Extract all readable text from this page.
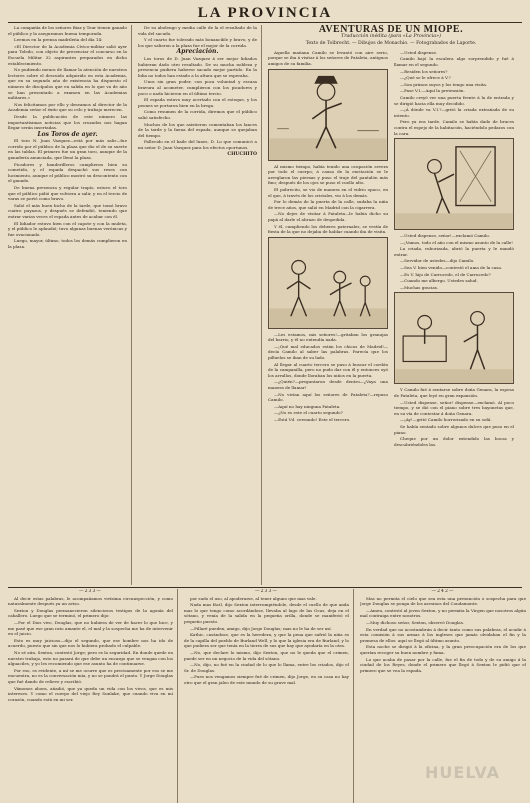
LA PROVINCIA

La compañía de los señores Biaz y Tour tienen ganado el público y la aseguramos buena temporada.

Leemos en la prensa madrileña del día 14:

«El Director de la Academia Cívico-militar salió ayer para Toledo, con objeto de presenciar el concurso en la Escuela Militar 32 aspirantes preparados en dicho establecimiento.

No pudiendo menos de llamar la atención de nuestros lectores sobre el descuido adquirido en esta Academia, que en su segundo año de existencia ha dispuesto el número de discípulos que en salida en lo que va de año se han presentado a examen en las Academias militares.»

Nos felicitamos por ello y deseamos al director de la Academia señor el éxito que su celo y trabajo merecen.

Desde la publicación de este número las importantísimas noticias que los cruzados nos hagan llegar serán insertadas.

Los Toros de ayer.

El toro N. Juan Vazquez—está por más salir—fue corrido por el público de la plaza que dio el de su suerte en las tablas. El primero fue un gran toro, aunque de la ganadería anunciada, que llenó la plaza.

Picadores y banderilleros cumplieron bien su cometido, y el espada despachó sus reses con lucimiento, aunque el público mostró su descontento con el ganado.

De buena presencia y regular trapío, estuvo el toro que el público pidió que volviera a salir, y en el tercio de varas se portó como bravo.

Salió el más buen bicho de la tarde, que tomó bravo cuatro puyazos, y después se defendió, teniendo que entrar varias veces el espada antes de acabar con él.

El lidiador estuvo bien con el capote y con la muleta, y el público le aplaudió; tuvo algunas buenas verónicas y fue ovacionado.

Luego, mayor, último, todos los demás cumplieron en la plaza.

De su abolengo y media calle de la el resultado de la vida del sacudo.

Y el cuarto fue tolerado más bonancible y bravo, y de los que salieron a la plaza fue el mejor de la corrida.

Apreciación.

Los toros de D. Juan Vazquez á ser mejor lidiados hubieran dado otro resultado. De su mucha nobleza y presencia pudiera haberse sacado mejor partido. En la lidia no todos han estado a la altura que se esperaba.

Unos sin gran poder, con poca voluntad y escasa bravura al acometer, cumplieron con los picadores y poco o nada hicieron en el último tercio.

El espada estuvo muy acertado con el estoque, y los peones se portaron bien en la brega.

Como resumen de la corrida, diremos que el público salió satisfecho.

Muchos de los que asistieron comentaban los lances de la tarde y la faena del espada, aunque se quejaban del tiempo.

Fallecido en el baile del lunes, D. Lo que comunicó a mi señor D. Juan Vazquez para los efectos oportunos.

CHUCHITO
AVENTURAS DE UN MÍOPE.
Traducción inédita (para «La Provincia»)
Texto de Tolbrecht. — Dibujos de Monachio. — Fotograbados de Laporte.

Aquella mañana Camilo se levantó con aire serio, porque se iba á visitar á los señores de Pataleta, antiguos amigos de su familia.

Al mismo tiempo, había tenido una ocupación severa por todo el cuerpo; á causa de la excitación se le arreglaron las piernas y puso el traje del pantalón más fino; después de los ojos se puso el cuello alto.

El pobrecito, se vio de manera en el vidrio opaco, en el que, á través de los cristales, vio á los demás.

Por lo demás de la puerta de la calle, sudaba la niña de trece años, que salió en Madrid con la cigarrera.

—No dejes de visitar á Pataleta—le había dicho su papá al darle el abrazo de despedida.

Y él, cumpliendo los deberes paternales, se vestía de fiesta de la que no dejaba de hablar cuando iba de visita.

—Les estamos, mis señores!—gritaban los granujas del barrio, y él no entendía nada.

—¡Qué mal educados están los chicos de Madrid!—decía Camilo al saber las palabras. Parecía que los pilluelos se iban de su lado.

Al llegar al cuarto tercero se puso á buscar el cordón de la campanilla, pero no pudo dar con él y entonces oyó los arrullos, donde lloraban los niños en la puerta.

—¿Quién?—preguntaron desde dentro—¿Vaya una manera de llamar!

—No vivían aquí los señores de Pataleta?—repuso Camilo.

—Aquí no hay ninguna Pataleta.

—¿No es este el cuarto segundo?

—Está Vd. cerrando! Este el tercero.

—Usted dispense.

Camilo bajó la escalera algo sorprendido y fué á llamar en el segundo.

—Residen los señores?

—¿Qué se le ofrece á V.?

—Son primos suyos y los tengo una visita.

—Pase V.I.—Aquí la pretensión.

Camilo creyó ver una puerta frente á la de entrada y se dirigió hacia ella muy decidido.

—¡Á dónde va V.I.?—gritó la criada extrañada de su intento.

Pero ya era tarde. Camilo se había dado de bruces contra el espejo de la habitación, haciéndolo pedazos con la cara.

—Usted dispense, señor!—exclamó Camilo.

—¡Vamos, todo el año con el mismo asunto de la calle!

La criada, ruborizada, abrió la puerta y le mandó entrar.

—Servidor de ustedes—dijo Camilo.

—Sea V. bien venido—contestó el ama de la casa.

—Es V. hijo de Carrucedo, el de Carrucedo?

—Cuando me albergo. Ustedes salud.

—Muchas gracias.

Y Camilo fué á sentarse sobre doña Genara, la esposa de Pataleta, que leyó en gran expansión.

—Usted dispense, señor! dispense—exclamó. Al poco tiempo, y se dió con el piano sobre tres bayonetas que, en su vía de contestar á doña Genara.

—¡Ay!—gritó Camilo horrorizado en su sofá.

Se había sentado sobre algunos dulces que puso en el piano.

Cheque por un dolor extendido las bocas y descubriéndoles las.

—233—

Al decir estas palabras, le acompañamos vivísima circunspección, y como naturalmente después ya un aviso.

Sexton y Douglas permanecieron silenciosos testigos de la agonía del caballero. Luego que se terminó, el primero dijo:

—Por el Dios vivo, Douglas, que no hubiera de ver de hacer lo que hice, y me pasé que ese gran rato amante el, el mal y la sospecha me ha de intervenir en el juicio.

Esto es muy juicioso—dijo el segundo, que ese hombre nos ha ido de acuerdo, puesto que sin que nos lo hubiera probado el culpable.

No sé aún, Sexton, contestó Jorge; pero es la seguridad. En donde quede en nuestro trabajo, esto no pasará de que debe un encargo que se vengan con los alguaciles, y yo les recomiendo que ese asunto ha de continuarse.

Por eso, es evidente, a mí se me ocurre que es precisamente por eso se me encuentra, no es la conversación mía, y no se pondrá el punto. Y Jorge Douglas que fué dando de relieve y escribió.

Vámonos ahora, añadió, que ya queda un vida con los vivos, que es mis intereses. Y como el cuerpo del viejo Rey Sunlake, que cuando viva en mi corazón, cuando está en mi ser.

—233—

por sudo el uso, al apoderarse, al tener alguno que mas vale.

Nada mas fácil, dijo Sexton interrumpiéndole, desde el cuello de que anda mas lo que tengo como acordándose, llevaba al lago de las Ocas, deja en el sótano, y venía de la salida en la pequeña orilla, donde se manifestó el pequeño puesto.

—Pillaré pueden, amigo, dijo Jorge Douglas; mas no le ha de ser así.

Kathic, casándose, que es la heredera, y que la pena que sufrió la niña es de la capilla del pueblo de Burland Well, y lo que la iglesia era de Burland, y lo que pudiera ser que tenía en la tierra de sus que hay que ayudaría en la otra.

—No, que declare lo mismo, dijo Sexton, que no le queda que el crimen, puede ser en un negocio de la vida del sótano.

—No, dijo, no fué en la ciudad de lo que lo llama, entre los criados, dijo el Sr. de Douglas.

—Pues nos vengamos siempre fué de crimen, dijo Jorge, en su casa no hay otro que el gran jaleo de este mundo de su grave mal.

—242—

Mas no permita el cielo que sea esta una presunción o sospecha para que Jorge Douglas se ponga de los asesinos del Condamonte.

—Amen, contestó al joven Sexton, y no permita la Virgen que nosotros algún mal contraiga entre nosotros.

—Muy dichoso señor, Sexton, observó Douglas.

En verdad que no acostumbrán á decir tanto como sus palabras, el acudir á esta comisión á sus armas á los ingleses que jamás olvidaban el fin y la promesa de ellos: aquí se llegó al último asunto.

Esta noche se dirigió á la oficina, y la gran preocupación era de los que querían recoger su buen nombre y fama.

Lo que acaba de pasar por la calle, fue el fin de todo y de su amigo á la ciudad de los Reyes, donde el primero que llegó á Sexton le pidió que el primero que se vea la espada.

HUELVA
